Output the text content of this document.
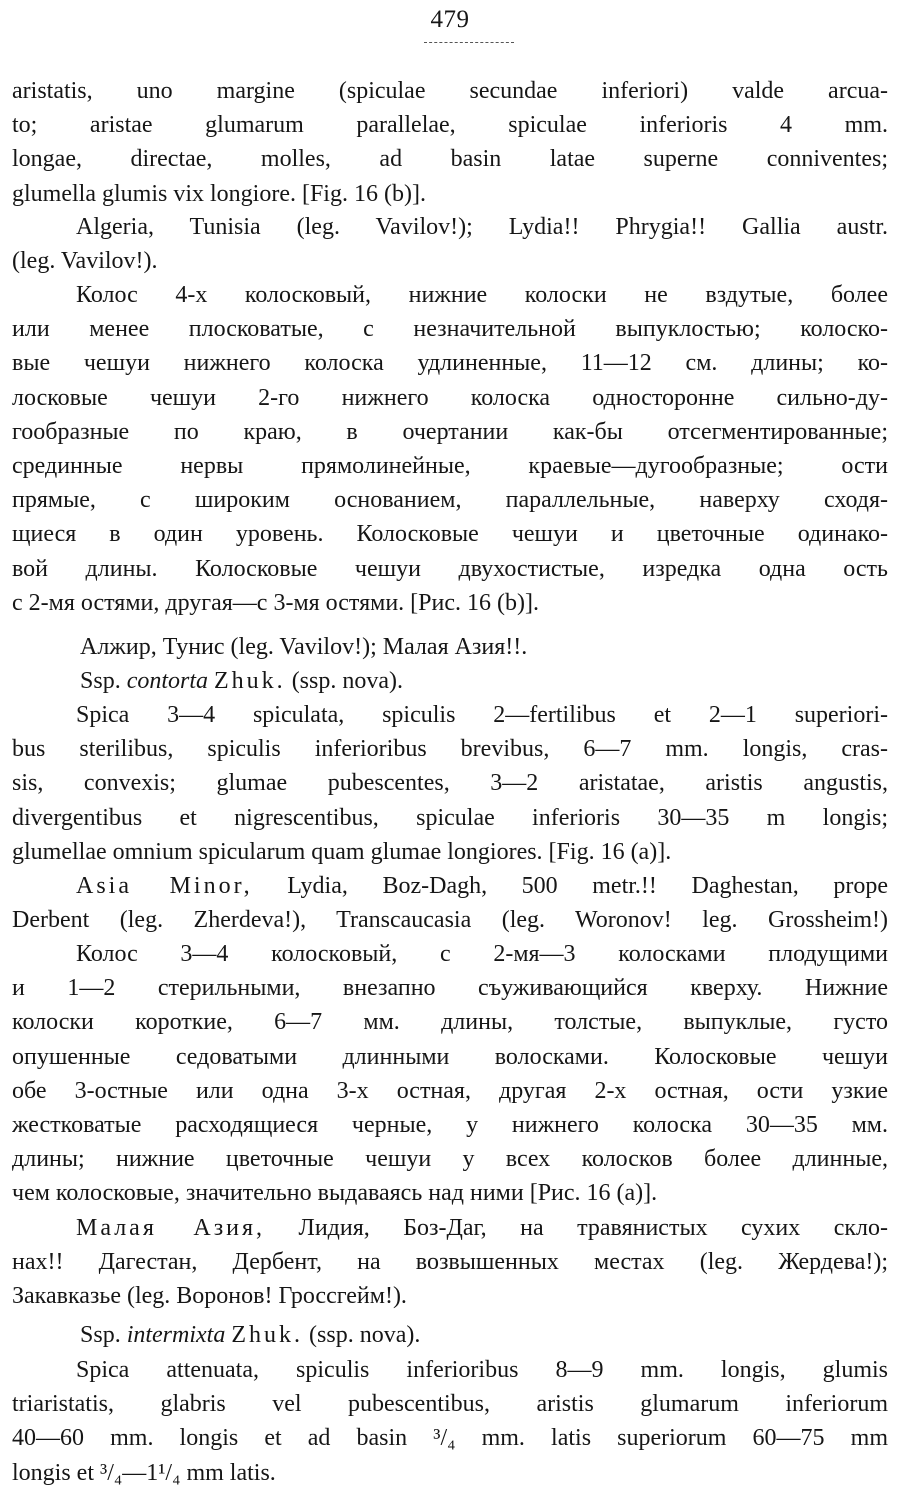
479
aristatis, uno margine (spiculae secundae inferiori) valde arcua-
to; aristae glumarum parallelae, spiculae inferioris 4 mm.
longae, directae, molles, ad basin latae superne conniventes;
glumella glumis vix longiore. [Fig. 16 (b)].
Algeria, Tunisia (leg. Vavilov!); Lydia!! Phrygia!! Gallia austr.
(leg. Vavilov!).
Колос 4-х колосковый, нижние колоски не вздутые, более
или менее плосковатые, с незначительной выпуклостью; колоско-
вые чешуи нижнего колоска удлиненные, 11—12 см. длины; ко-
лосковые чешуи 2-го нижнего колоска односторонне сильно-ду-
гообразные по краю, в очертании как-бы отсегментированные;
срединные нервы прямолинейные, краевые—дугообразные; ости
прямые, с широким основанием, параллельные, наверху сходя-
щиеся в один уровень. Колосковые чешуи и цветочные одинако-
вой длины. Колосковые чешуи двухостистые, изредка одна ость
с 2-мя остями, другая—с 3-мя остями. [Рис. 16 (b)].
Алжир, Тунис (leg. Vavilov!); Малая Азия!!.
Ssp. contorta Zhuk. (ssp. nova).
Spica 3—4 spiculata, spiculis 2—fertilibus et 2—1 superiori-
bus sterilibus, spiculis inferioribus brevibus, 6—7 mm. longis, cras-
sis, convexis; glumae pubescentes, 3—2 aristatae, aristis angustis,
divergentibus et nigrescentibus, spiculae inferioris 30—35 m longis;
glumellae omnium spicularum quam glumae longiores. [Fig. 16 (a)].
Asia Minor, Lydia, Boz-Dagh, 500 metr.!! Daghestan, prope
Derbent (leg. Zherdeva!), Transcaucasia (leg. Woronov! leg. Grossheim!)
Колос 3—4 колосковый, с 2-мя—3 колосками плодущими
и 1—2 стерильными, внезапно съуживающийся кверху. Нижние
колоски короткие, 6—7 мм. длины, толстые, выпуклые, густо
опушенные седоватыми длинными волосками. Колосковые чешуи
обе 3-остные или одна 3-х остная, другая 2-х остная, ости узкие
жестковатые расходящиеся черные, у нижнего колоска 30—35 мм.
длины; нижние цветочные чешуи у всех колосков более длинные,
чем колосковые, значительно выдаваясь над ними [Рис. 16 (a)].
Малая Азия, Лидия, Боз-Даг, на травянистых сухих скло-
нах!! Дагестан, Дербент, на возвышенных местах (leg. Жердева!);
Закавказье (leg. Воронов! Гроссгейм!).
Ssp. intermixta Zhuk. (ssp. nova).
Spica attenuata, spiculis inferioribus 8—9 mm. longis, glumis
triaristatis, glabris vel pubescentibus, aristis glumarum inferiorum
40—60 mm. longis et ad basin ³/₄ mm. latis superiorum 60—75 mm
longis et ³/₄—1¹/₄ mm latis.
